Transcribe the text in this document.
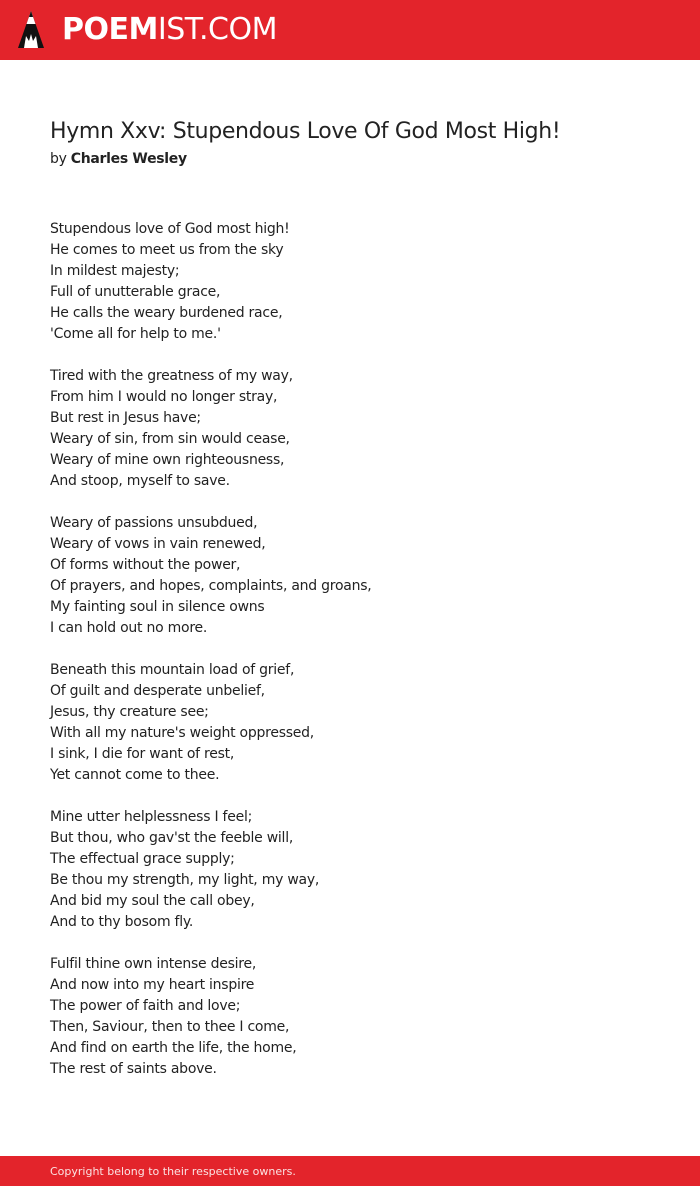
POEMIST.COM
Hymn Xxv: Stupendous Love Of God Most High!
by Charles Wesley
Stupendous love of God most high!
He comes to meet us from the sky
In mildest majesty;
Full of unutterable grace,
He calls the weary burdened race,
'Come all for help to me.'
Tired with the greatness of my way,
From him I would no longer stray,
But rest in Jesus have;
Weary of sin, from sin would cease,
Weary of mine own righteousness,
And stoop, myself to save.
Weary of passions unsubdued,
Weary of vows in vain renewed,
Of forms without the power,
Of prayers, and hopes, complaints, and groans,
My fainting soul in silence owns
I can hold out no more.
Beneath this mountain load of grief,
Of guilt and desperate unbelief,
Jesus, thy creature see;
With all my nature's weight oppressed,
I sink, I die for want of rest,
Yet cannot come to thee.
Mine utter helplessness I feel;
But thou, who gav'st the feeble will,
The effectual grace supply;
Be thou my strength, my light, my way,
And bid my soul the call obey,
And to thy bosom fly.
Fulfil thine own intense desire,
And now into my heart inspire
The power of faith and love;
Then, Saviour, then to thee I come,
And find on earth the life, the home,
The rest of saints above.
Copyright belong to their respective owners.
